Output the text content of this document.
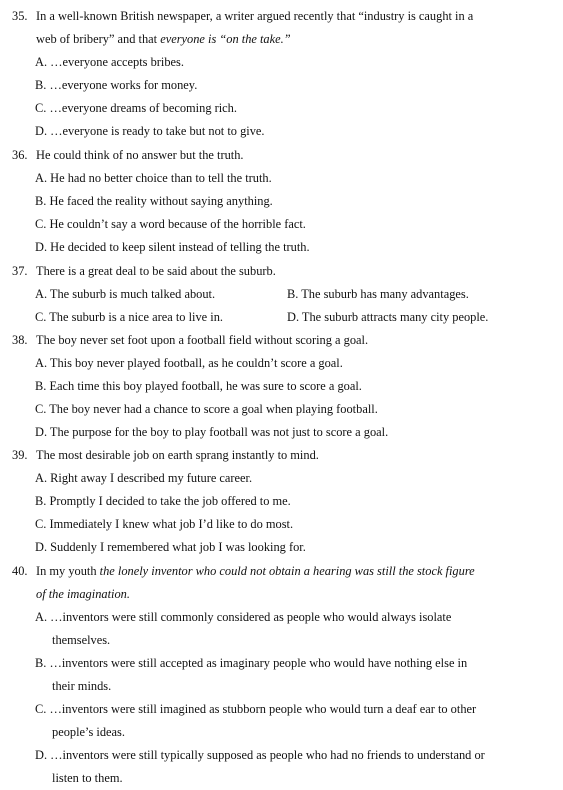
35. In a well-known British newspaper, a writer argued recently that “industry is caught in a
web of bribery” and that everyone is “on the take.”
A. …everyone accepts bribes.
B. …everyone works for money.
C. …everyone dreams of becoming rich.
D. …everyone is ready to take but not to give.
36. He could think of no answer but the truth.
A. He had no better choice than to tell the truth.
B. He faced the reality without saying anything.
C. He couldn’t say a word because of the horrible fact.
D. He decided to keep silent instead of telling the truth.
37. There is a great deal to be said about the suburb.
A. The suburb is much talked about.	B. The suburb has many advantages.
C. The suburb is a nice area to live in.	D. The suburb attracts many city people.
38. The boy never set foot upon a football field without scoring a goal.
A. This boy never played football, as he couldn’t score a goal.
B. Each time this boy played football, he was sure to score a goal.
C. The boy never had a chance to score a goal when playing football.
D. The purpose for the boy to play football was not just to score a goal.
39. The most desirable job on earth sprang instantly to mind.
A. Right away I described my future career.
B. Promptly I decided to take the job offered to me.
C. Immediately I knew what job I’d like to do most.
D. Suddenly I remembered what job I was looking for.
40. In my youth the lonely inventor who could not obtain a hearing was still the stock figure
of the imagination.
A. …inventors were still commonly considered as people who would always isolate
themselves.
B. …inventors were still accepted as imaginary people who would have nothing else in
their minds.
C. …inventors were still imagined as stubborn people who would turn a deaf ear to other
people’s ideas.
D. …inventors were still typically supposed as people who had no friends to understand or
listen to them.
